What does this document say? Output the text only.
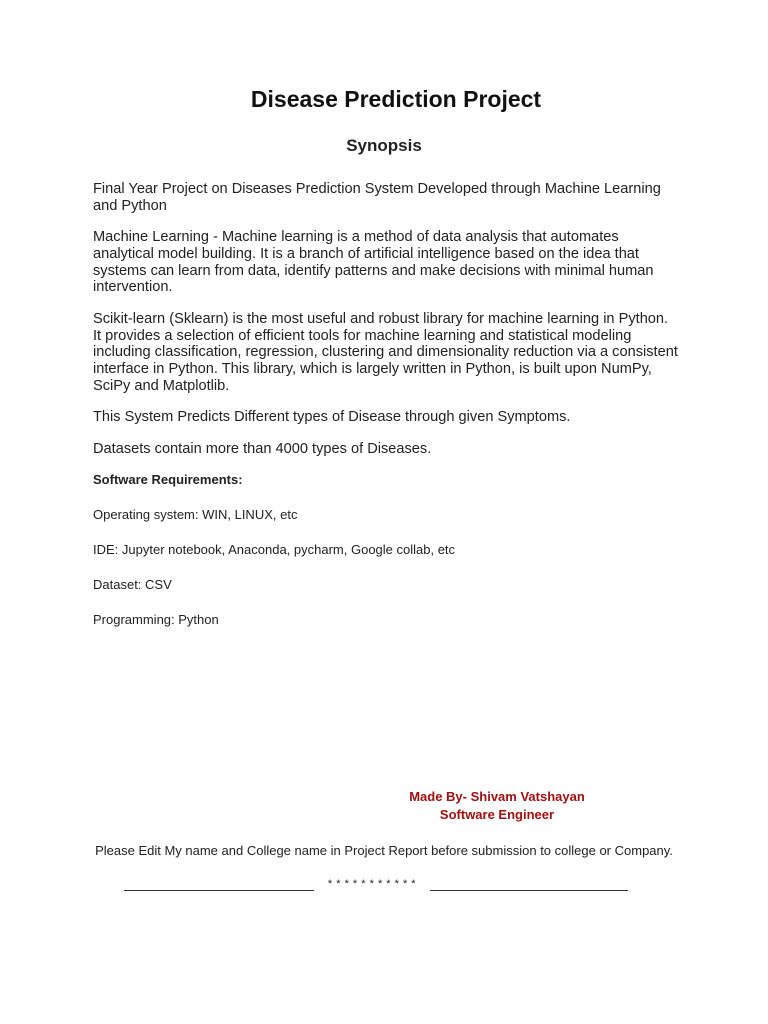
Disease Prediction Project
Synopsis

Final Year Project on Diseases Prediction System Developed through Machine Learning and Python

Machine Learning - Machine learning is a method of data analysis that automates analytical model building. It is a branch of artificial intelligence based on the idea that systems can learn from data, identify patterns and make decisions with minimal human intervention.

Scikit-learn (Sklearn) is the most useful and robust library for machine learning in Python. It provides a selection of efficient tools for machine learning and statistical modeling including classification, regression, clustering and dimensionality reduction via a consistent interface in Python. This library, which is largely written in Python, is built upon NumPy, SciPy and Matplotlib.

This System Predicts Different types of Disease through given Symptoms.

Datasets contain more than 4000 types of Diseases.

Software Requirements:
Operating system: WIN, LINUX, etc
IDE: Jupyter notebook, Anaconda, pycharm, Google collab, etc
Dataset: CSV
Programming: Python
Made By- Shivam Vatshayan
Software Engineer
Please Edit My name and College name in Project Report before submission to college or Company.
* * * * * * * * * * *
